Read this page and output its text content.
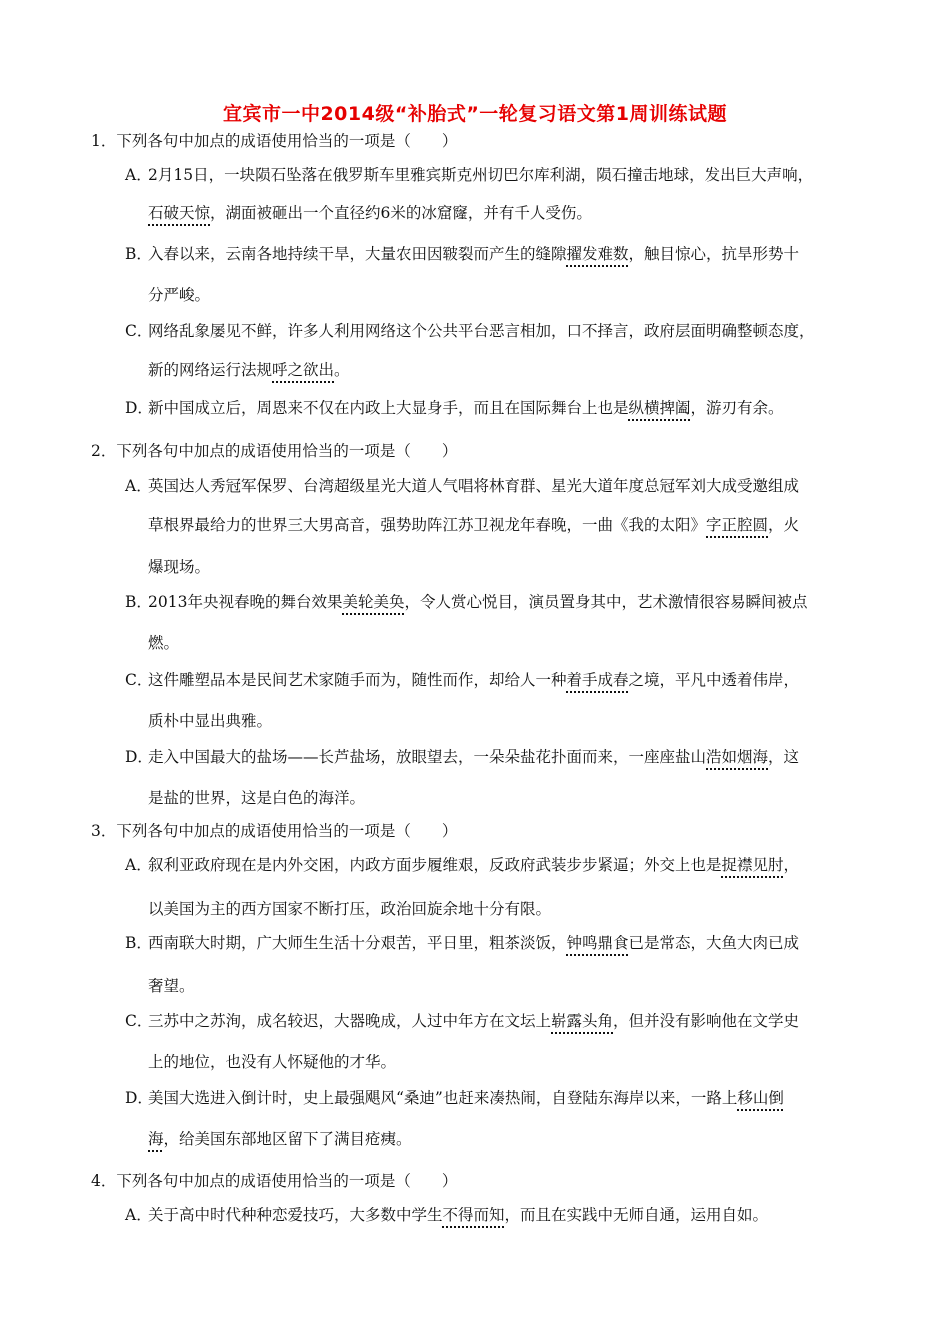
宜宾市一中2014级“补胎式”一轮复习语文第1周训练试题
1．下列各句中加点的成语使用恰当的一项是（　　）
A．2月15日，一块陨石坠落在俄罗斯车里雅宾斯克州切巴尔库利湖，陨石撞击地球，发出巨大声响，
石破天惊，湖面被砸出一个直径约6米的冰窟窿，并有千人受伤。
B．入春以来，云南各地持续干旱，大量农田因皲裂而产生的缝隙擢发难数，触目惊心，抗旱形势十
分严峻。
C．网络乱象屡见不鲜，许多人利用网络这个公共平台恶言相加，口不择言，政府层面明确整顿态度，
新的网络运行法规呼之欲出。
D．新中国成立后，周恩来不仅在内政上大显身手，而且在国际舞台上也是纵横捭阖，游刃有余。
2．下列各句中加点的成语使用恰当的一项是（　　）
A．英国达人秀冠军保罗、台湾超级星光大道人气唱将林育群、星光大道年度总冠军刘大成受邀组成
草根界最给力的世界三大男高音，强势助阵江苏卫视龙年春晚，一曲《我的太阳》字正腔圆，火
爆现场。
B．2013年央视春晚的舞台效果美轮美奂，令人赏心悦目，演员置身其中，艺术激情很容易瞬间被点
燃。
C．这件雕塑品本是民间艺术家随手而为，随性而作，却给人一种着手成春之境，平凡中透着伟岸，
质朴中显出典雅。
D．走入中国最大的盐场——长芦盐场，放眼望去，一朵朵盐花扑面而来，一座座盐山浩如烟海，这
是盐的世界，这是白色的海洋。
3．下列各句中加点的成语使用恰当的一项是（　　）
A．叙利亚政府现在是内外交困，内政方面步履维艰，反政府武装步步紧逼；外交上也是捉襟见肘，
以美国为主的西方国家不断打压，政治回旋余地十分有限。
B．西南联大时期，广大师生生活十分艰苦，平日里，粗茶淡饭，钟鸣鼎食已是常态，大鱼大肉已成
奢望。
C．三苏中之苏洵，成名较迟，大器晚成，人过中年方在文坛上崭露头角，但并没有影响他在文学史
上的地位，也没有人怀疑他的才华。
D．美国大选进入倒计时，史上最强飓风“桑迪”也赶来凑热闹，自登陆东海岸以来，一路上移山倒
海，给美国东部地区留下了满目疮痍。
4．下列各句中加点的成语使用恰当的一项是（　　）
A．关于高中时代种种恋爱技巧，大多数中学生不得而知，而且在实践中无师自通，运用自如。
